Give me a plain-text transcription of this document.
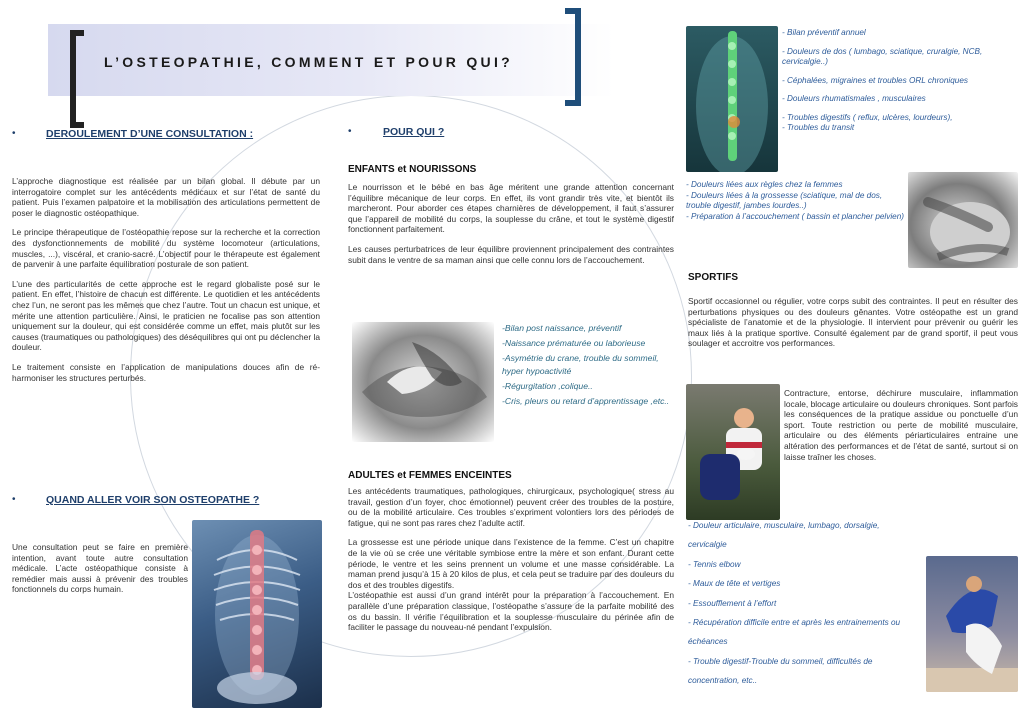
L’OSTEOPATHIE, COMMENT ET POUR QUI?
•	DEROULEMENT D’UNE CONSULTATION :

L’approche diagnostique est réalisée par un bilan global. Il débute par un interrogatoire complet sur les antécédents médicaux et sur l’état de santé du patient. Puis l’examen palpatoire et la mobilisation des articulations permettent de poser le diagnostic ostéopathique.

Le principe thérapeutique de l’ostéopathie repose sur la recherche et la correction des dysfonctionnements de mobilité du système locomoteur (articulations, muscles, ...), viscéral, et cranio-sacré. L’objectif pour le thérapeute est également de parvenir à une parfaite équilibration posturale de son patient.

L’une des particularités de cette approche est le regard globaliste posé sur le patient. En effet, l’histoire de chacun est différente. Le quotidien et les antécédents chez l’un, ne seront pas les mêmes que chez l’autre. Tout un chacun est unique, et mérite une attention particulière. Ainsi, le praticien ne focalise pas son attention uniquement sur la douleur, qui est considérée comme un effet, mais plutôt sur les causes (traumatiques ou pathologiques) des déséquilibres qui ont pu déclencher la douleur.

Le traitement consiste en l’application de manipulations douces afin de ré-harmoniser les structures perturbés.

•	QUAND ALLER VOIR SON OSTEOPATHE ?
Une consultation peut se faire en première intention, avant toute autre consultation médicale. L’acte ostéopathique consiste à remédier mais aussi à prévenir des troubles fonctionnels du corps humain.
•	POUR QUI ?
ENFANTS et NOURISSONS

Le nourrisson et le bébé en bas âge méritent une grande attention concernant l’équilibre mécanique de leur corps. En effet, ils vont grandir très vite, et bientôt ils marcheront. Pour aborder ces étapes charnières de développement, il faut s’assurer que l’appareil de mobilité du corps, la souplesse du crâne, et tout le système digestif fonctionnent parfaitement.

Les causes perturbatrices de leur équilibre proviennent principalement des contraintes subit dans le ventre de sa maman ainsi que celle connu lors de l’accouchement.

-Bilan post naissance, préventif
-Naissance prématurée ou laborieuse
-Asymétrie du crane, trouble du sommeil, hyper hypoactivité
-Régurgitation ,colique..
-Cris, pleurs ou retard d’apprentissage ,etc..
ADULTES et FEMMES ENCEINTES

Les antécédents traumatiques, pathologiques, chirurgicaux, psychologique( stress au travail, gestion d’un foyer, choc émotionnel) peuvent créer des troubles de la posture, ou de la mobilité articulaire. Ces troubles s’expriment volontiers lors des périodes de fatigue, qui ne sont pas rares chez l’adulte actif.

La grossesse est une période unique dans l’existence de la femme. C’est un chapitre de la vie où se crée une véritable symbiose entre la mère et son enfant. Durant cette période, le ventre et les seins prennent un volume et une masse considérable. La maman prend jusqu’à 15 à 20 kilos de plus, et cela peut se traduire par des douleurs du dos et des troubles digestifs.

L’ostéopathie est aussi d’un grand intérêt pour la préparation à l’accouchement. En parallèle d’une préparation classique, l’ostéopathe s’assure de la parfaite mobilité des os du bassin. Il vérifie l’équilibration et la souplesse musculaire du périnée afin de faciliter le passage du nouveau-né pendant l’expulsion.

- Bilan préventif annuel
- Douleurs de dos ( lumbago, sciatique, cruralgie, NCB, cervicalgie..)
- Céphalées, migraines et troubles ORL chroniques
- Douleurs rhumatismales , musculaires
- Troubles digestifs ( reflux, ulcères, lourdeurs),
- Troubles du transit
- Douleurs liées aux règles chez la femmes
- Douleurs liées à la grossesse (sciatique, mal de dos, trouble digestif, jambes lourdes..)
- Préparation à l’accouchement ( bassin et plancher pelvien)
SPORTIFS
Sportif occasionnel ou régulier, votre corps subit des contraintes. Il peut en résulter des perturbations physiques ou des douleurs gênantes. Votre ostéopathe est un grand spécialiste de l’anatomie et de la physiologie. Il intervient pour prévenir ou guérir les maux liés à la pratique sportive. Consulté également par de grand sportif, il peut vous soulager et accroitre vos performances.
Contracture, entorse, déchirure musculaire, inflammation locale, blocage articulaire ou douleurs chroniques. Sont parfois les conséquences de la pratique assidue ou ponctuelle d’un sport. Toute restriction ou perte de mobilité musculaire, articulaire ou des éléments périarticulaires entraine une altération des performances et de l’état de santé, surtout si on laisse traîner les choses.
- Douleur articulaire, musculaire, lumbago, dorsalgie, cervicalgie
- Tennis elbow
- Maux de tête et vertiges
- Essoufflement à l’effort
- Récupération difficile entre et après les entrainements ou échéances
- Trouble digestif-Trouble du sommeil, difficultés de concentration, etc..
